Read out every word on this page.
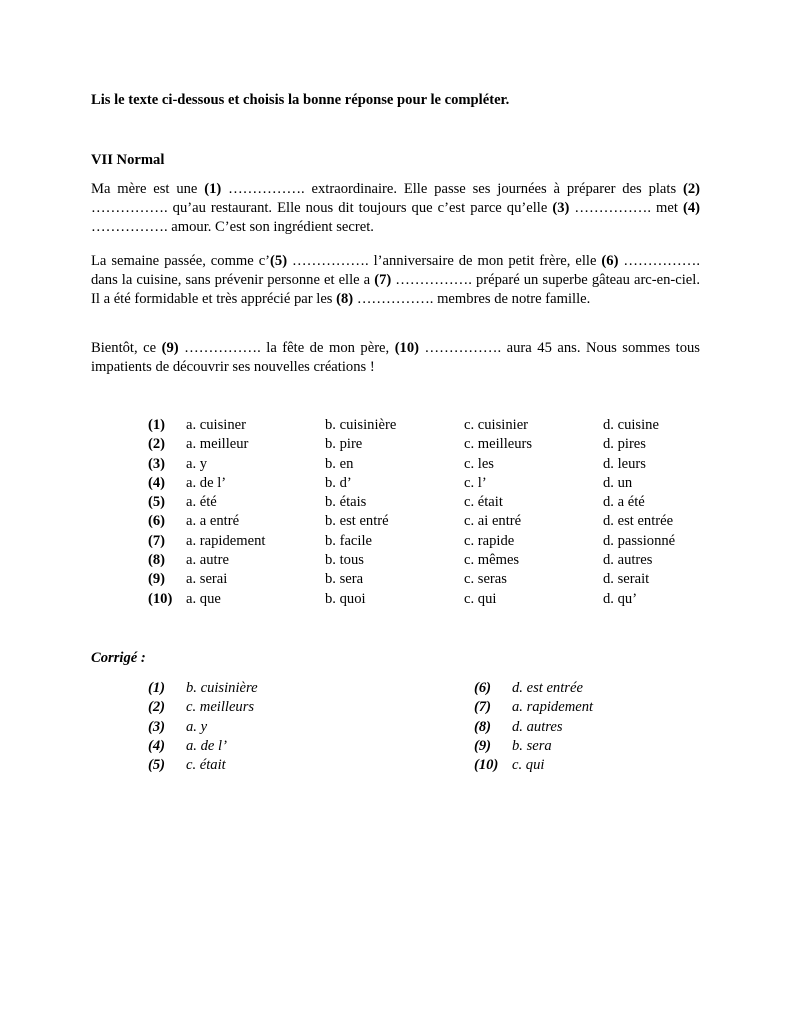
Lis le texte ci-dessous et choisis la bonne réponse pour le compléter.
VII Normal
Ma mère est une (1) ……………. extraordinaire. Elle passe ses journées à préparer des plats (2) ……………. qu’au restaurant. Elle nous dit toujours que c’est parce qu’elle (3) ……………. met (4) ……………. amour. C’est son ingrédient secret.
La semaine passée, comme c’(5) ……………. l’anniversaire de mon petit frère, elle (6) ……………. dans la cuisine, sans prévenir personne et elle a (7) ……………. préparé un superbe gâteau arc-en-ciel. Il a été formidable et très apprécié par les (8) ……………. membres de notre famille.
Bientôt, ce (9) ……………. la fête de mon père, (10) ……………. aura 45 ans. Nous sommes tous impatients de découvrir ses nouvelles créations !
(1)	a. cuisiner	b. cuisinière	c. cuisinier	d. cuisine
(2)	a. meilleur	b. pire	c. meilleurs	d. pires
(3)	a. y	b. en	c. les	d. leurs
(4)	a. de l’	b. d’	c. l’	d. un
(5)	a. été	b. étais	c. était	d. a été
(6)	a. a entré	b. est entré	c. ai entré	d. est entrée
(7)	a. rapidement	b. facile	c. rapide	d. passionné
(8)	a. autre	b. tous	c. mêmes	d. autres
(9)	a. serai	b. sera	c. seras	d. serait
(10) a. que	b. quoi	c. qui	d. qu’
Corrigé :
(1)	b. cuisinière
(2)	c. meilleurs
(3)	a. y
(4)	a. de l’
(5)	c. était
(6)	d. est entrée
(7)	a. rapidement
(8)	d. autres
(9)	b. sera
(10) c. qui
